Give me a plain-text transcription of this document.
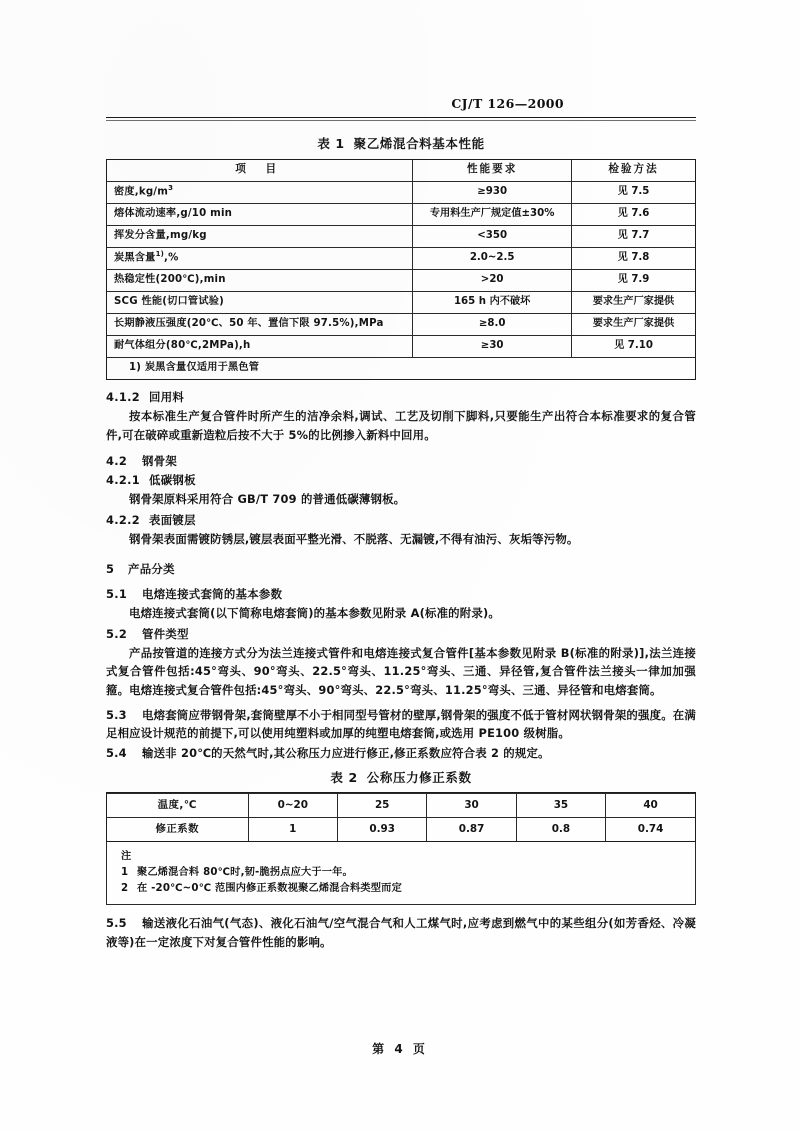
CJ/T 126—2000
表 1 聚乙烯混合料基本性能
项 目	性能要求	检验方法
密度$,kg/m^3$	≥930	见 7.5
熔体流动速率,g/10 min	专用料生产厂规定值±30%	见 7.6
挥发分含量,mg/kg	<350	见 7.7
炭黑含量$^{1)}$,%	2.0~2.5	见 7.8
热稳定性(200℃),min	>20	见 7.9
SCG 性能(切口管试验)	165 h 内不破坏	要求生产厂家提供
长期静液压强度(20℃、50 年、置信下限 97.5%),MPa	≥8.0	要求生产厂家提供
耐气体组分(80℃,2MPa),h	≥30	见 7.10
1) 炭黑含量仅适用于黑色管		
4.1.2 回用料

按本标准生产复合管件时所产生的洁净余料,调试、工艺及切削下脚料,只要能生产出符合本标准要求的复合管件,可在破碎或重新造粒后按不大于 5%的比例掺入新料中回用。

4.2 钢骨架
4.2.1 低碳钢板

钢骨架原料采用符合 GB/T 709 的普通低碳薄钢板。

4.2.2 表面镀层

钢骨架表面需镀防锈层,镀层表面平整光滑、不脱落、无漏镀,不得有油污、灰垢等污物。

5 产品分类
5.1 电熔连接式套筒的基本参数

电熔连接式套筒(以下简称电熔套筒)的基本参数见附录 A(标准的附录)。

5.2 管件类型

产品按管道的连接方式分为法兰连接式管件和电熔连接式复合管件[基本参数见附录 B(标准的附录)],法兰连接式复合管件包括:45°弯头、90°弯头、22.5°弯头、11.25°弯头、三通、异径管,复合管件法兰接头一律加加强箍。电熔连接式复合管件包括:45°弯头、90°弯头、22.5°弯头、11.25°弯头、三通、异径管和电熔套筒。

5.3 电熔套筒应带钢骨架,套筒壁厚不小于相同型号管材的壁厚,钢骨架的强度不低于管材网状钢骨架的强度。在满足相应设计规范的前提下,可以使用纯塑料或加厚的纯塑电熔套筒,或选用 PE100 级树脂。
5.4 输送非 20℃的天然气时,其公称压力应进行修正,修正系数应符合表 2 的规定。
表 2 公称压力修正系数
温度,℃	0~20	25	30	35	40
修正系数	1	0.93	0.87	0.8	0.74
注
1 聚乙烯混合料 80℃时,韧-脆拐点应大于一年。
2 在 -20℃~0℃ 范围内修正系数视聚乙烯混合料类型而定
5.5 输送液化石油气(气态)、液化石油气/空气混合气和人工煤气时,应考虑到燃气中的某些组分(如芳香烃、冷凝液等)在一定浓度下对复合管件性能的影响。
第 4 页
